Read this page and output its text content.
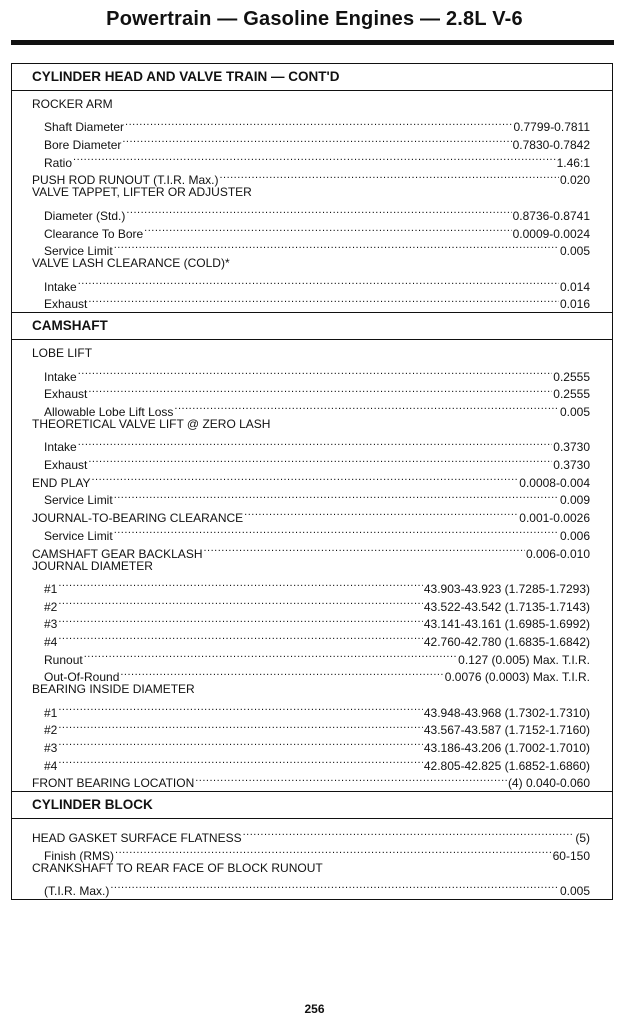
Powertrain — Gasoline Engines — 2.8L V-6
CYLINDER HEAD AND VALVE TRAIN — CONT'D
ROCKER ARM
Shaft Diameter .....	0.7799-0.7811
Bore Diameter .....	0.7830-0.7842
Ratio .....	1.46:1
PUSH ROD RUNOUT (T.I.R. Max.) .....	0.020
VALVE TAPPET, LIFTER OR ADJUSTER
Diameter (Std.) .....	0.8736-0.8741
Clearance To Bore .....	0.0009-0.0024
Service Limit .....	0.005
VALVE LASH CLEARANCE (COLD)*
Intake .....	0.014
Exhaust .....	0.016
CAMSHAFT
LOBE LIFT
Intake .....	0.2555
Exhaust .....	0.2555
Allowable Lobe Lift Loss .....	0.005
THEORETICAL VALVE LIFT @ ZERO LASH
Intake .....	0.3730
Exhaust .....	0.3730
END PLAY .....	0.0008-0.004
Service Limit .....	0.009
JOURNAL-TO-BEARING CLEARANCE .....	0.001-0.0026
Service Limit .....	0.006
CAMSHAFT GEAR BACKLASH .....	0.006-0.010
JOURNAL DIAMETER
#1 .....	43.903-43.923 (1.7285-1.7293)
#2 .....	43.522-43.542 (1.7135-1.7143)
#3 .....	43.141-43.161 (1.6985-1.6992)
#4 .....	42.760-42.780 (1.6835-1.6842)
Runout .....	0.127 (0.005) Max. T.I.R.
Out-Of-Round .....	0.0076 (0.0003) Max. T.I.R.
BEARING INSIDE DIAMETER
#1 .....	43.948-43.968 (1.7302-1.7310)
#2 .....	43.567-43.587 (1.7152-1.7160)
#3 .....	43.186-43.206 (1.7002-1.7010)
#4 .....	42.805-42.825 (1.6852-1.6860)
FRONT BEARING LOCATION .....	(4) 0.040-0.060
CYLINDER BLOCK
HEAD GASKET SURFACE FLATNESS .....	(5)
Finish (RMS) .....	60-150
CRANKSHAFT TO REAR FACE OF BLOCK RUNOUT
(T.I.R. Max.) .....	0.005
256
